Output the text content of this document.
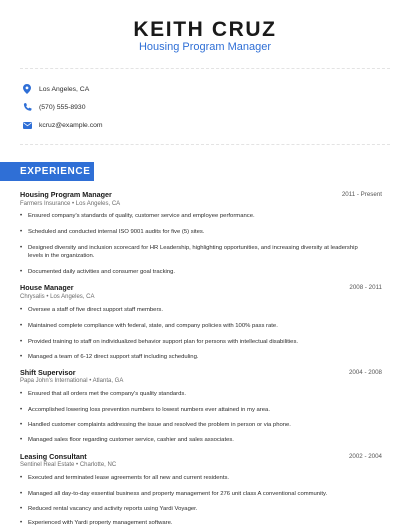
KEITH CRUZ
Housing Program Manager
Los Angeles, CA
(570) 555-8930
kcruz@example.com
EXPERIENCE
Housing Program Manager	2011 - Present
Farmers Insurance • Los Angeles, CA
• Ensured company's standards of quality, customer service and employee performance.
• Scheduled and conducted internal ISO 9001 audits for five (5) sites.
• Designed diversity and inclusion scorecard for HR Leadership, highlighting opportunities, and increasing diversity at leadership levels in the organization.
• Documented daily activities and consumer goal tracking.
House Manager	2008 - 2011
Chrysalis • Los Angeles, CA
• Oversee a staff of five direct support staff members.
• Maintained complete compliance with federal, state, and company policies with 100% pass rate.
• Provided training to staff on individualized behavior support plan for persons with intellectual disabilities.
• Managed a team of 6-12 direct support staff including scheduling.
Shift Supervisor	2004 - 2008
Papa John's International • Atlanta, GA
• Ensured that all orders met the company's quality standards.
• Accomplished lowering loss prevention numbers to lowest numbers ever attained in my area.
• Handled customer complaints addressing the issue and resolved the problem in person or via phone.
• Managed sales floor regarding customer service, cashier and sales associates.
Leasing Consultant	2002 - 2004
Sentinel Real Estate • Charlotte, NC
• Executed and terminated lease agreements for all new and current residents.
• Managed all day-to-day essential business and property management for 276 unit class A conventional community.
• Reduced rental vacancy and activity reports using Yardi Voyager.
• Experienced with Yardi property management software.
